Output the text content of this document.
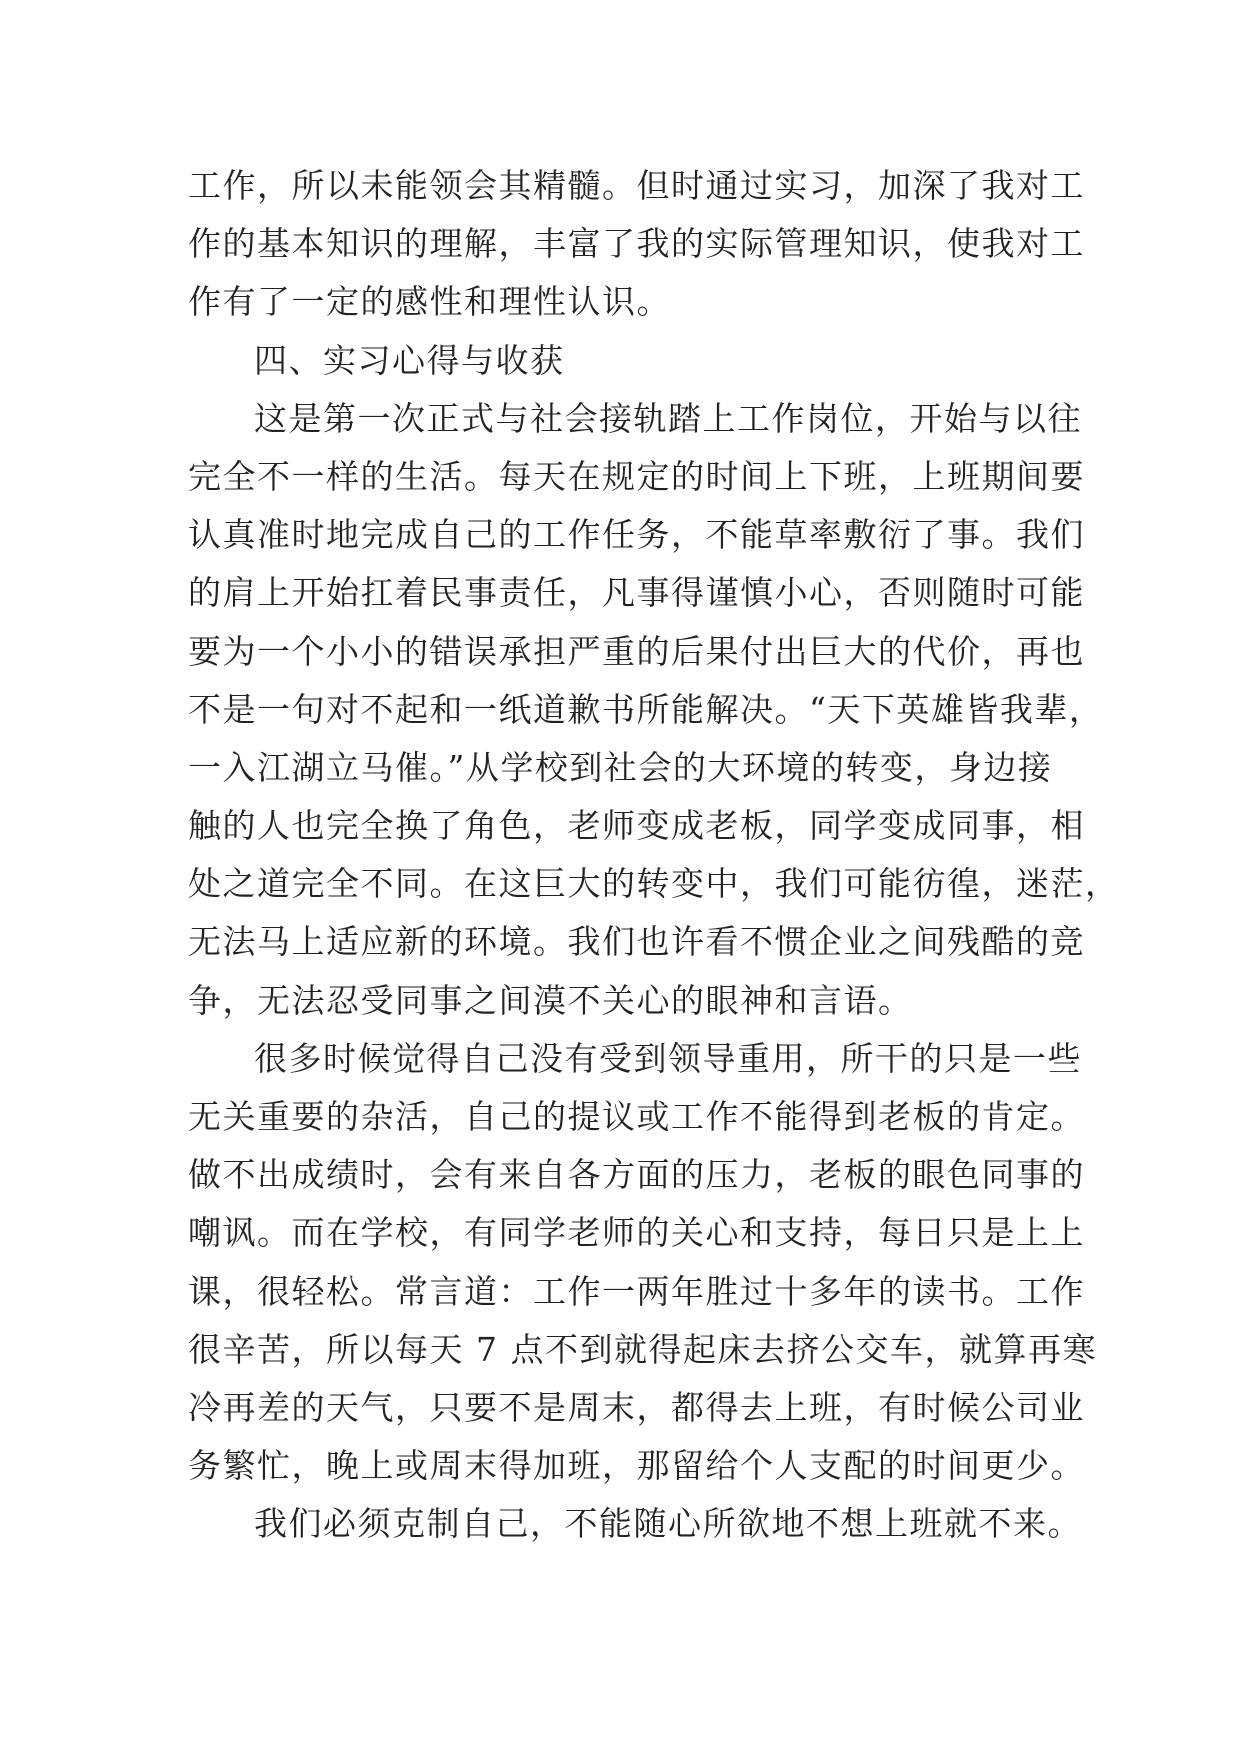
工作，所以未能领会其精髓。但时通过实习，加深了我对工
作的基本知识的理解，丰富了我的实际管理知识，使我对工
作有了一定的感性和理性认识。
四、实习心得与收获
这是第一次正式与社会接轨踏上工作岗位，开始与以往
完全不一样的生活。每天在规定的时间上下班，上班期间要
认真准时地完成自己的工作任务，不能草率敷衍了事。我们
的肩上开始扛着民事责任，凡事得谨慎小心，否则随时可能
要为一个小小的错误承担严重的后果付出巨大的代价，再也
不是一句对不起和一纸道歉书所能解决。“天下英雄皆我辈，
一入江湖立马催。”从学校到社会的大环境的转变，身边接
触的人也完全换了角色，老师变成老板，同学变成同事，相
处之道完全不同。在这巨大的转变中，我们可能彷徨，迷茫，
无法马上适应新的环境。我们也许看不惯企业之间残酷的竞
争，无法忍受同事之间漠不关心的眼神和言语。
很多时候觉得自己没有受到领导重用，所干的只是一些
无关重要的杂活，自己的提议或工作不能得到老板的肯定。
做不出成绩时，会有来自各方面的压力，老板的眼色同事的
嘲讽。而在学校，有同学老师的关心和支持，每日只是上上
课，很轻松。常言道：工作一两年胜过十多年的读书。工作
很辛苦，所以每天 7 点不到就得起床去挤公交车，就算再寒
冷再差的天气，只要不是周末，都得去上班，有时候公司业
务繁忙，晚上或周末得加班，那留给个人支配的时间更少。
我们必须克制自己，不能随心所欲地不想上班就不来。
